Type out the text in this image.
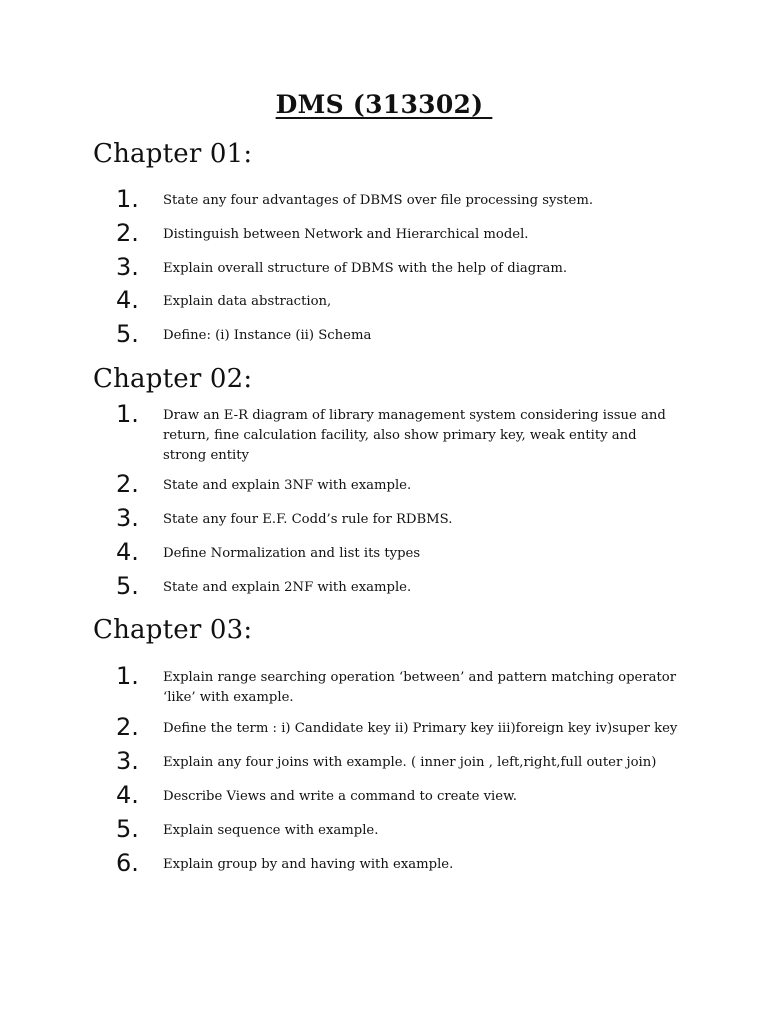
DMS (313302)
Chapter 01:
1.	State any four advantages of DBMS over file processing system.
2.	Distinguish between Network and Hierarchical model.
3.	Explain overall structure of DBMS with the help of diagram.
4.	Explain data abstraction,
5.	Define: (i) Instance (ii) Schema
Chapter 02:
1.	Draw an E-R diagram of library management system considering issue and return, fine calculation facility, also show primary key, weak entity and strong entity
2.	State and explain 3NF with example.
3.	State any four E.F. Codd’s rule for RDBMS.
4.	Define Normalization and list its types
5.	State and explain 2NF with example.
Chapter 03:
1.	Explain range searching operation ‘between’ and pattern matching operator ‘like’ with example.
2.	Define the term : i) Candidate key ii) Primary key iii)foreign key iv)super key
3.	Explain any four joins with example. ( inner join , left,right,full outer join)
4.	Describe Views and write a command to create view.
5.	Explain sequence with example.
6.	Explain group by and having with example.
